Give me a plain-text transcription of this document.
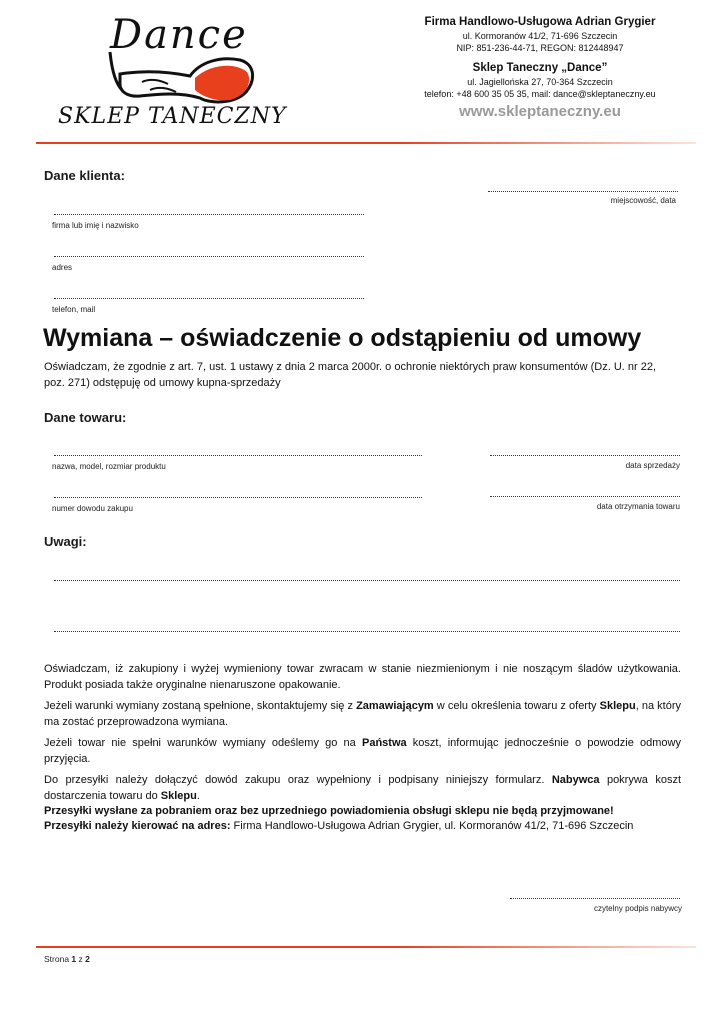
Dance
SKLEP TANECZNY
Firma Handlowo-Usługowa Adrian Grygier
ul. Kormoranów 41/2, 71-696 Szczecin
NIP: 851-236-44-71, REGON: 812448947
Sklep Taneczny „Dance”
ul. Jagiellońska 27, 70-364 Szczecin
telefon: +48 600 35 05 35, mail: dance@skleptaneczny.eu
www.skleptaneczny.eu
Dane klienta:
miejscowość, data
firma lub imię i nazwisko
adres
telefon, mail
Wymiana – oświadczenie o odstąpieniu od umowy

Oświadczam, że zgodnie z art. 7, ust. 1 ustawy z dnia 2 marca 2000r. o ochronie niektórych praw konsumentów (Dz. U. nr 22, poz. 271) odstępuję od umowy kupna-sprzedaży

Dane towaru:
nazwa, model, rozmiar produktu	data sprzedaży
numer dowodu zakupu	data otrzymania towaru
Uwagi:

Oświadczam, iż zakupiony i wyżej wymieniony towar zwracam w stanie niezmienionym i nie noszącym śladów użytkowania. Produkt posiada także oryginalne nienaruszone opakowanie.

Jeżeli warunki wymiany zostaną spełnione, skontaktujemy się z Zamawiającym w celu określenia towaru z oferty Sklepu, na który ma zostać przeprowadzona wymiana.

Jeżeli towar nie spełni warunków wymiany odeślemy go na Państwa koszt, informując jednocześnie o powodzie odmowy przyjęcia.

Do przesyłki należy dołączyć dowód zakupu oraz wypełniony i podpisany niniejszy formularz. Nabywca pokrywa koszt dostarczenia towaru do Sklepu.

Przesyłki wysłane za pobraniem oraz bez uprzedniego powiadomienia obsługi sklepu nie będą przyjmowane!

Przesyłki należy kierować na adres: Firma Handlowo-Usługowa Adrian Grygier, ul. Kormoranów 41/2, 71-696 Szczecin

czytelny podpis nabywcy
Strona 1 z 2
